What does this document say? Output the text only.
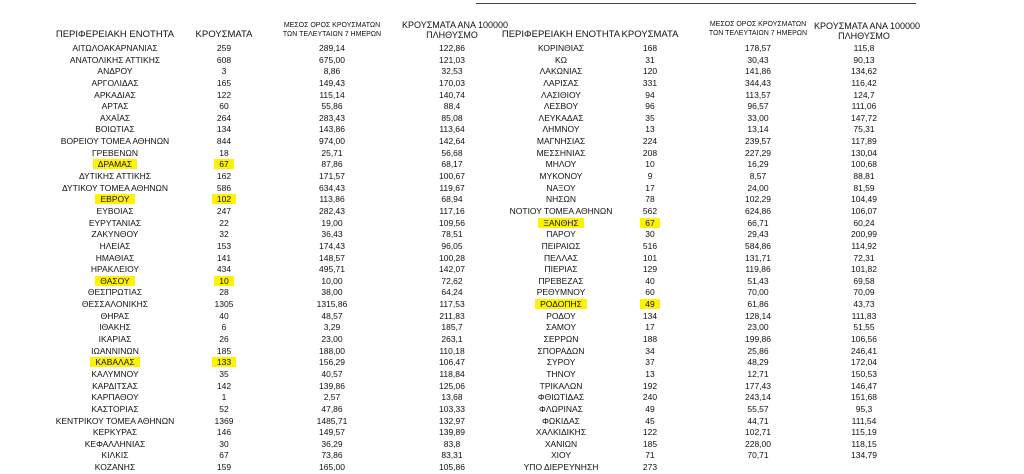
ΠΕΡΙΦΕΡΕΙΑΚΗ ΕΝΟΤΗΤΑ	ΚΡΟΥΣΜΑΤΑ
ΜΕΣΟΣ ΟΡΟΣ ΚΡΟΥΣΜΑΤΩΝ
ΤΩΝ ΤΕΛΕΥΤΑΙΩΝ 7 ΗΜΕΡΩΝ
ΚΡΟΥΣΜΑΤΑ ΑΝΑ 100000
ΠΛΗΘΥΣΜΟ	ΠΕΡΙΦΕΡΕΙΑΚΗ ΕΝΟΤΗΤΑ ΚΡΟΥΣΜΑΤΑ
ΜΕΣΟΣ ΟΡΟΣ ΚΡΟΥΣΜΑΤΩΝ
ΤΩΝ ΤΕΛΕΥΤΑΙΩΝ 7 ΗΜΕΡΩΝ
ΚΡΟΥΣΜΑΤΑ ΑΝΑ 100000
ΠΛΗΘΥΣΜΟ
ΑΙΤΩΛΟΑΚΑΡΝΑΝΙΑΣ
ΑΝΑΤΟΛΙΚΗΣ ΑΤΤΙΚΗΣ
ΑΝΔΡΟΥ
ΑΡΓΟΛΙΔΑΣ
ΑΡΚΑΔΙΑΣ
ΑΡΤΑΣ
ΑΧΑΪΑΣ
ΒΟΙΩΤΙΑΣ
ΒΟΡΕΙΟΥ ΤΟΜΕΑ ΑΘΗΝΩΝ
ΓΡΕΒΕΝΩΝ
ΔΡΑΜΑΣ
ΔΥΤΙΚΗΣ ΑΤΤΙΚΗΣ
ΔΥΤΙΚΟΥ ΤΟΜΕΑ ΑΘΗΝΩΝ
ΕΒΡΟΥ
ΕΥΒΟΙΑΣ
ΕΥΡΥΤΑΝΙΑΣ
ΖΑΚΥΝΘΟΥ
ΗΛΕΙΑΣ
ΗΜΑΘΙΑΣ
ΗΡΑΚΛΕΙΟΥ
ΘΑΣΟΥ
ΘΕΣΠΡΩΤΙΑΣ
ΘΕΣΣΑΛΟΝΙΚΗΣ
ΘΗΡΑΣ
ΙΘΑΚΗΣ
ΙΚΑΡΙΑΣ
ΙΩΑΝΝΙΝΩΝ
ΚΑΒΑΛΑΣ
ΚΑΛΥΜΝΟΥ
ΚΑΡΔΙΤΣΑΣ
ΚΑΡΠΑΘΟΥ
ΚΑΣΤΟΡΙΑΣ
ΚΕΝΤΡΙΚΟΥ ΤΟΜΕΑ ΑΘΗΝΩΝ
ΚΕΡΚΥΡΑΣ
ΚΕΦΑΛΛΗΝΙΑΣ
ΚΙΛΚΙΣ
ΚΟΖΑΝΗΣ
259
608
3
165
122
60
264
134
844
18
67
162
586
102
247
22
32
153
141
434
10
28
1305
40
6
26
185
133
35
142
1
52
1369
146
30
67
159
289,14
675,00
8,86
149,43
115,14
55,86
283,43
143,86
974,00
25,71
87,86
171,57
634,43
113,86
282,43
19,00
36,43
174,43
148,57
495,71
10,00
38,00
1315,86
48,57
3,29
23,00
188,00
156,29
40,57
139,86
2,57
47,86
1485,71
149,57
36,29
73,86
165,00
122,86
121,03
32,53
170,03
140,74
88,4
85,08
113,64
142,64
56,68
68,17
100,67
119,67
68,94
117,16
109,56
78,51
96,05
100,28
142,07
72,62
64,24
117,53
211,83
185,7
263,1
110,18
106,47
118,84
125,06
13,68
103,33
132,97
139,89
83,8
83,31
105,86
ΚΟΡΙΝΘΙΑΣ
ΚΩ
ΛΑΚΩΝΙΑΣ
ΛΑΡΙΣΑΣ
ΛΑΣΙΘΙΟΥ
ΛΕΣΒΟΥ
ΛΕΥΚΑΔΑΣ
ΛΗΜΝΟΥ
ΜΑΓΝΗΣΙΑΣ
ΜΕΣΣΗΝΙΑΣ
ΜΗΛΟΥ
ΜΥΚΟΝΟΥ
ΝΑΞΟΥ
ΝΗΣΩΝ
ΝΟΤΙΟΥ ΤΟΜΕΑ ΑΘΗΝΩΝ
ΞΑΝΘΗΣ
ΠΑΡΟΥ
ΠΕΙΡΑΙΩΣ
ΠΕΛΛΑΣ
ΠΙΕΡΙΑΣ
ΠΡΕΒΕΖΑΣ
ΡΕΘΥΜΝΟΥ
ΡΟΔΟΠΗΣ
ΡΟΔΟΥ
ΣΑΜΟΥ
ΣΕΡΡΩΝ
ΣΠΟΡΑΔΩΝ
ΣΥΡΟΥ
ΤΗΝΟΥ
ΤΡΙΚΑΛΩΝ
ΦΘΙΩΤΙΔΑΣ
ΦΛΩΡΙΝΑΣ
ΦΩΚΙΔΑΣ
ΧΑΛΚΙΔΙΚΗΣ
ΧΑΝΙΩΝ
ΧΙΟΥ
ΥΠΟ ΔΙΕΡΕΥΝΗΣΗ
168
31
120
331
94
96
35
13
224
208
10
9
17
78
562
67
30
516
101
129
40
60
49
134
17
188
34
37
13
192
240
49
45
122
185
71
273
178,57
30,43
141,86
344,43
113,57
96,57
33,00
13,14
239,57
227,29
16,29
8,57
24,00
102,29
624,86
66,71
29,43
584,86
131,71
119,86
51,43
70,00
61,86
128,14
23,00
199,86
25,86
48,29
12,71
177,43
243,14
55,57
44,71
102,71
228,00
70,71
115,8
90,13
134,62
116,42
124,7
111,06
147,72
75,31
117,89
130,04
100,68
88,81
81,59
104,49
106,07
60,24
200,99
114,92
72,31
101,82
69,58
70,09
43,73
111,83
51,55
106,56
246,41
172,04
150,53
146,47
151,68
95,3
111,54
115,19
118,15
134,79
